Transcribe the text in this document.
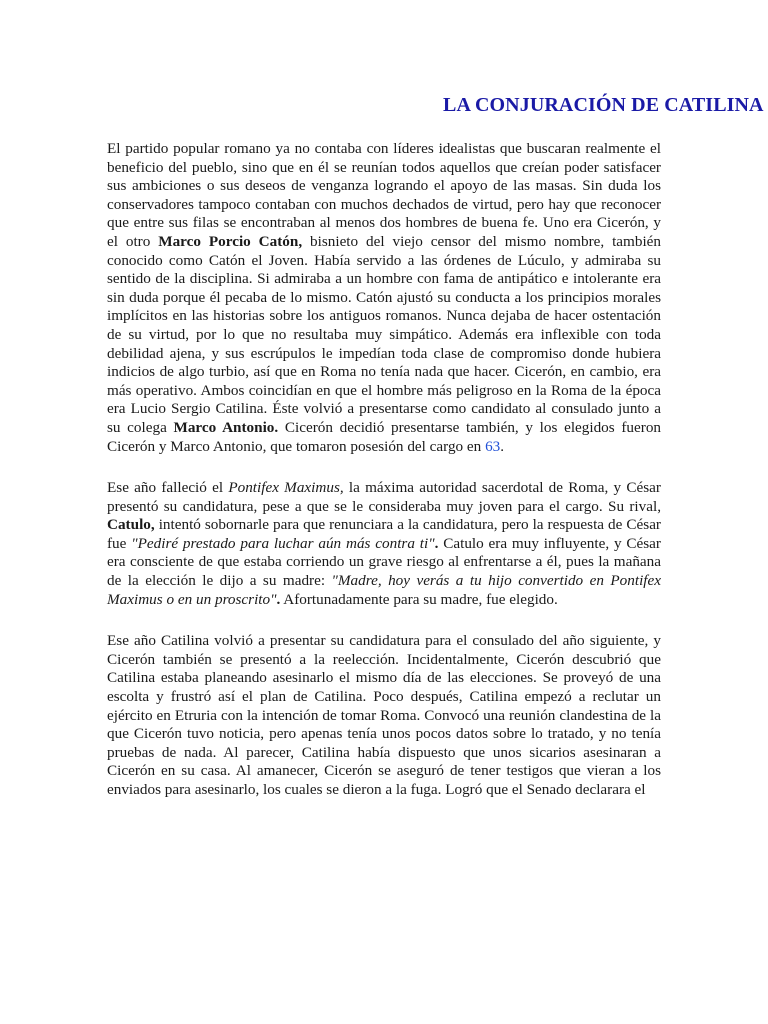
LA CONJURACIÓN DE CATILINA

El partido popular romano ya no contaba con líderes idealistas que buscaran realmente el beneficio del pueblo, sino que en él se reunían todos aquellos que creían poder satisfacer sus ambiciones o sus deseos de venganza logrando el apoyo de las masas. Sin duda los conservadores tampoco contaban con muchos dechados de virtud, pero hay que reconocer que entre sus filas se encontraban al menos dos hombres de buena fe. Uno era Cicerón, y el otro Marco Porcio Catón, bisnieto del viejo censor del mismo nombre, también conocido como Catón el Joven. Había servido a las órdenes de Lúculo, y admiraba su sentido de la disciplina. Si admiraba a un hombre con fama de antipático e intolerante era sin duda porque él pecaba de lo mismo. Catón ajustó su conducta a los principios morales implícitos en las historias sobre los antiguos romanos. Nunca dejaba de hacer ostentación de su virtud, por lo que no resultaba muy simpático. Además era inflexible con toda debilidad ajena, y sus escrúpulos le impedían toda clase de compromiso donde hubiera indicios de algo turbio, así que en Roma no tenía nada que hacer. Cicerón, en cambio, era más operativo. Ambos coincidían en que el hombre más peligroso en la Roma de la época era Lucio Sergio Catilina. Éste volvió a presentarse como candidato al consulado junto a su colega Marco Antonio. Cicerón decidió presentarse también, y los elegidos fueron Cicerón y Marco Antonio, que tomaron posesión del cargo en 63.

Ese año falleció el Pontifex Maximus, la máxima autoridad sacerdotal de Roma, y César presentó su candidatura, pese a que se le consideraba muy joven para el cargo. Su rival, Catulo, intentó sobornarle para que renunciara a la candidatura, pero la respuesta de César fue "Pediré prestado para luchar aún más contra ti". Catulo era muy influyente, y César era consciente de que estaba corriendo un grave riesgo al enfrentarse a él, pues la mañana de la elección le dijo a su madre: "Madre, hoy verás a tu hijo convertido en Pontifex Maximus o en un proscrito". Afortunadamente para su madre, fue elegido.

Ese año Catilina volvió a presentar su candidatura para el consulado del año siguiente, y Cicerón también se presentó a la reelección. Incidentalmente, Cicerón descubrió que Catilina estaba planeando asesinarlo el mismo día de las elecciones. Se proveyó de una escolta y frustró así el plan de Catilina. Poco después, Catilina empezó a reclutar un ejército en Etruria con la intención de tomar Roma. Convocó una reunión clandestina de la que Cicerón tuvo noticia, pero apenas tenía unos pocos datos sobre lo tratado, y no tenía pruebas de nada. Al parecer, Catilina había dispuesto que unos sicarios asesinaran a Cicerón en su casa. Al amanecer, Cicerón se aseguró de tener testigos que vieran a los enviados para asesinarlo, los cuales se dieron a la fuga. Logró que el Senado declarara el
